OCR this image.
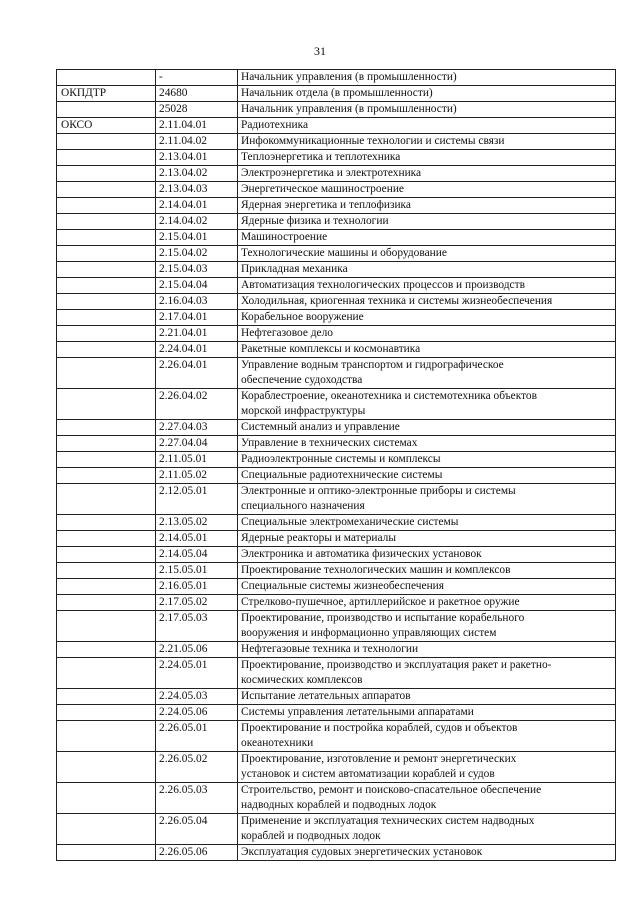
31
	-	Начальник управления (в промышленности)
ОКПДТР	24680	Начальник отдела (в промышленности)
	25028	Начальник управления (в промышленности)
ОКСО	2.11.04.01	Радиотехника
	2.11.04.02	Инфокоммуникационные технологии и системы связи
	2.13.04.01	Теплоэнергетика и теплотехника
	2.13.04.02	Электроэнергетика и электротехника
	2.13.04.03	Энергетическое машиностроение
	2.14.04.01	Ядерная энергетика и теплофизика
	2.14.04.02	Ядерные физика и технологии
	2.15.04.01	Машиностроение
	2.15.04.02	Технологические машины и оборудование
	2.15.04.03	Прикладная механика
	2.15.04.04	Автоматизация технологических процессов и производств
	2.16.04.03	Холодильная, криогенная техника и системы жизнеобеспечения
	2.17.04.01	Корабельное вооружение
	2.21.04.01	Нефтегазовое дело
	2.24.04.01	Ракетные комплексы и космонавтика
	2.26.04.01	Управление водным транспортом и гидрографическое
обеспечение судоходства
	2.26.04.02	Кораблестроение, океанотехника и системотехника объектов
морской инфраструктуры
	2.27.04.03	Системный анализ и управление
	2.27.04.04	Управление в технических системах
	2.11.05.01	Радиоэлектронные системы и комплексы
	2.11.05.02	Специальные радиотехнические системы
	2.12.05.01	Электронные и оптико-электронные приборы и системы
специального назначения
	2.13.05.02	Специальные электромеханические системы
	2.14.05.01	Ядерные реакторы и материалы
	2.14.05.04	Электроника и автоматика физических установок
	2.15.05.01	Проектирование технологических машин и комплексов
	2.16.05.01	Специальные системы жизнеобеспечения
	2.17.05.02	Стрелково-пушечное, артиллерийское и ракетное оружие
	2.17.05.03	Проектирование, производство и испытание корабельного
вооружения и информационно управляющих систем
	2.21.05.06	Нефтегазовые техника и технологии
	2.24.05.01	Проектирование, производство и эксплуатация ракет и ракетно-
космических комплексов
	2.24.05.03	Испытание летательных аппаратов
	2.24.05.06	Системы управления летательными аппаратами
	2.26.05.01	Проектирование и постройка кораблей, судов и объектов
океанотехники
	2.26.05.02	Проектирование, изготовление и ремонт энергетических
установок и систем автоматизации кораблей и судов
	2.26.05.03	Строительство, ремонт и поисково-спасательное обеспечение
надводных кораблей и подводных лодок
	2.26.05.04	Применение и эксплуатация технических систем надводных
кораблей и подводных лодок
	2.26.05.06	Эксплуатация судовых энергетических установок
